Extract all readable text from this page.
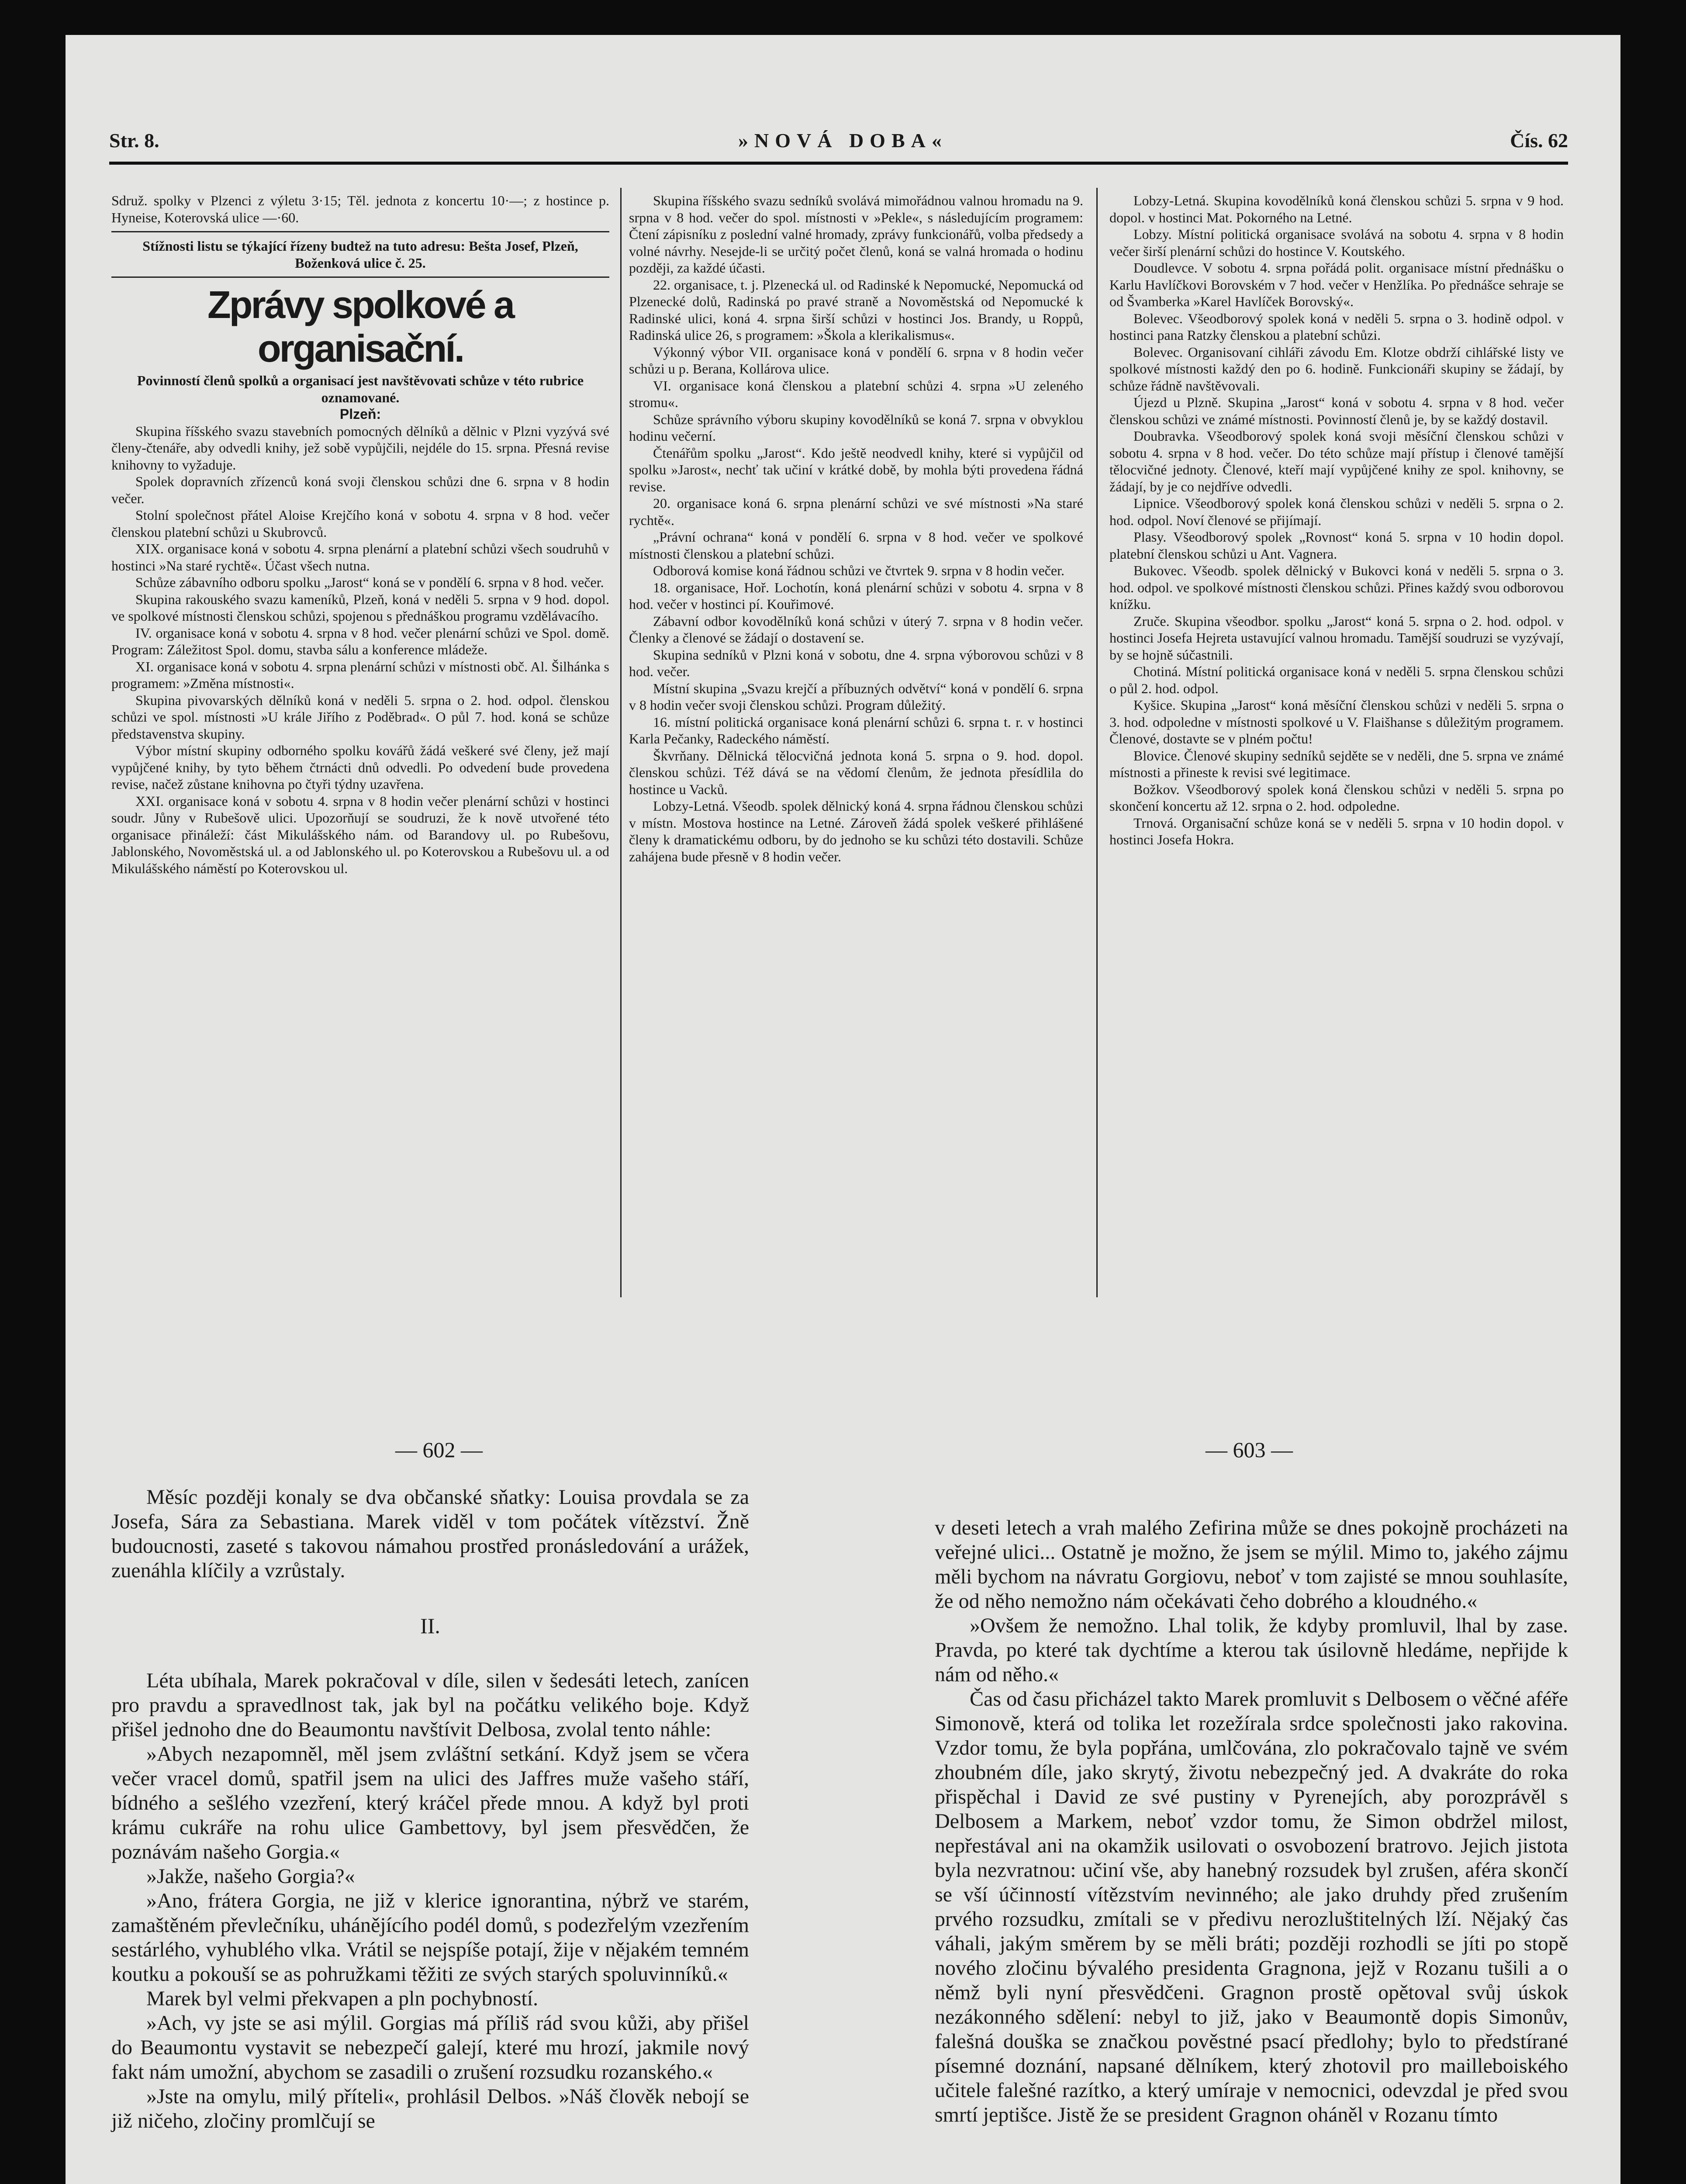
Str. 8.	»NOVÁ DOBA«	Čís. 62

Sdruž. spolky v Plzenci z výletu 3·15; Těl. jednota z koncertu 10·—; z hostince p. Hyneise, Koterovská ulice —·60.

Stížnosti listu se týkající řízeny budtež na tuto adresu: Bešta Josef, Plzeň, Boženková ulice č. 25.

Zprávy spolkové a organisační.

Povinností členů spolků a organisací jest navštěvovati schůze v této rubrice oznamované.

Plzeň:

Skupina říšského svazu stavebních pomocných dělníků a dělnic v Plzni vyzývá své členy-čtenáře, aby odvedli knihy, jež sobě vypůjčili, nejdéle do 15. srpna. Přesná revise knihovny to vyžaduje.

Spolek dopravních zřízenců koná svoji členskou schůzi dne 6. srpna v 8 hodin večer.

Stolní společnost přátel Aloise Krejčího koná v sobotu 4. srpna v 8 hod. večer členskou platební schůzi u Skubrovců.

XIX. organisace koná v sobotu 4. srpna plenární a platební schůzi všech soudruhů v hostinci »Na staré rychtě«. Účast všech nutna.

Schůze zábavního odboru spolku „Jarost“ koná se v pondělí 6. srpna v 8 hod. večer.

Skupina rakouského svazu kameníků, Plzeň, koná v neděli 5. srpna v 9 hod. dopol. ve spolkové místnosti členskou schůzi, spojenou s přednáškou programu vzdělávacího.

IV. organisace koná v sobotu 4. srpna v 8 hod. večer plenární schůzi ve Spol. domě. Program: Záležitost Spol. domu, stavba sálu a konference mládeže.

XI. organisace koná v sobotu 4. srpna plenární schůzi v místnosti obč. Al. Šilhánka s programem: »Změna místnosti«.

Skupina pivovarských dělníků koná v neděli 5. srpna o 2. hod. odpol. členskou schůzi ve spol. místnosti »U krále Jiřího z Poděbrad«. O půl 7. hod. koná se schůze představenstva skupiny.

Výbor místní skupiny odborného spolku kovářů žádá veškeré své členy, jež mají vypůjčené knihy, by tyto během čtrnácti dnů odvedli. Po odvedení bude provedena revise, načež zůstane knihovna po čtyři týdny uzavřena.

XXI. organisace koná v sobotu 4. srpna v 8 hodin večer plenární schůzi v hostinci soudr. Jůny v Rubešově ulici. Upozorňují se soudruzi, že k nově utvořené této organisace přináleží: část Mikulášského nám. od Barandovy ul. po Rubešovu, Jablonského, Novoměstská ul. a od Jablonského ul. po Koterovskou a Rubešovu ul. a od Mikulášského náměstí po Koterovskou ul.

Skupina říšského svazu sedníků svolává mimořádnou valnou hromadu na 9. srpna v 8 hod. večer do spol. místnosti v »Pekle«, s následujícím programem: Čtení zápisníku z poslední valné hromady, zprávy funkcionářů, volba předsedy a volné návrhy. Nesejde-li se určitý počet členů, koná se valná hromada o hodinu později, za každé účasti.

22. organisace, t. j. Plzenecká ul. od Radinské k Nepomucké, Nepomucká od Plzenecké dolů, Radinská po pravé straně a Novoměstská od Nepomucké k Radinské ulici, koná 4. srpna širší schůzi v hostinci Jos. Brandy, u Roppů, Radinská ulice 26, s programem: »Škola a klerikalismus«.

Výkonný výbor VII. organisace koná v pondělí 6. srpna v 8 hodin večer schůzi u p. Berana, Kollárova ulice.

VI. organisace koná členskou a platební schůzi 4. srpna »U zeleného stromu«.

Schůze správního výboru skupiny kovodělníků se koná 7. srpna v obvyklou hodinu večerní.

Čtenářům spolku „Jarost“. Kdo ještě neodvedl knihy, které si vypůjčil od spolku »Jarost«, nechť tak učiní v krátké době, by mohla býti provedena řádná revise.

20. organisace koná 6. srpna plenární schůzi ve své místnosti »Na staré rychtě«.

„Právní ochrana“ koná v pondělí 6. srpna v 8 hod. večer ve spolkové místnosti členskou a platební schůzi.

Odborová komise koná řádnou schůzi ve čtvrtek 9. srpna v 8 hodin večer.

18. organisace, Hoř. Lochotín, koná plenární schůzi v sobotu 4. srpna v 8 hod. večer v hostinci pí. Kouřimové.

Zábavní odbor kovodělníků koná schůzi v úterý 7. srpna v 8 hodin večer. Členky a členové se žádají o dostavení se.

Skupina sedníků v Plzni koná v sobotu, dne 4. srpna výborovou schůzi v 8 hod. večer.

Místní skupina „Svazu krejčí a příbuzných odvětví“ koná v pondělí 6. srpna v 8 hodin večer svoji členskou schůzi. Program důležitý.

16. místní politická organisace koná plenární schůzi 6. srpna t. r. v hostinci Karla Pečanky, Radeckého náměstí.

Škvrňany. Dělnická tělocvičná jednota koná 5. srpna o 9. hod. dopol. členskou schůzi. Též dává se na vědomí členům, že jednota přesídlila do hostince u Vacků.

Lobzy-Letná. Všeodb. spolek dělnický koná 4. srpna řádnou členskou schůzi v místn. Mostova hostince na Letné. Zároveň žádá spolek veškeré přihlášené členy k dramatickému odboru, by do jednoho se ku schůzi této dostavili. Schůze zahájena bude přesně v 8 hodin večer.

Lobzy-Letná. Skupina kovodělníků koná členskou schůzi 5. srpna v 9 hod. dopol. v hostinci Mat. Pokorného na Letné.

Lobzy. Místní politická organisace svolává na sobotu 4. srpna v 8 hodin večer širší plenární schůzi do hostince V. Koutského.

Doudlevce. V sobotu 4. srpna pořádá polit. organisace místní přednášku o Karlu Havlíčkovi Borovském v 7 hod. večer v Henžlíka. Po přednášce sehraje se od Švamberka »Karel Havlíček Borovský«.

Bolevec. Všeodborový spolek koná v neděli 5. srpna o 3. hodině odpol. v hostinci pana Ratzky členskou a platební schůzi.

Bolevec. Organisovaní cihláři závodu Em. Klotze obdrží cihlářské listy ve spolkové místnosti každý den po 6. hodině. Funkcionáři skupiny se žádají, by schůze řádně navštěvovali.

Újezd u Plzně. Skupina „Jarost“ koná v sobotu 4. srpna v 8 hod. večer členskou schůzi ve známé místnosti. Povinností členů je, by se každý dostavil.

Doubravka. Všeodborový spolek koná svoji měsíční členskou schůzi v sobotu 4. srpna v 8 hod. večer. Do této schůze mají přístup i členové tamější tělocvičné jednoty. Členové, kteří mají vypůjčené knihy ze spol. knihovny, se žádají, by je co nejdříve odvedli.

Lipnice. Všeodborový spolek koná členskou schůzi v neděli 5. srpna o 2. hod. odpol. Noví členové se přijímají.

Plasy. Všeodborový spolek „Rovnost“ koná 5. srpna v 10 hodin dopol. platební členskou schůzi u Ant. Vagnera.

Bukovec. Všeodb. spolek dělnický v Bukovci koná v neděli 5. srpna o 3. hod. odpol. ve spolkové místnosti členskou schůzi. Přines každý svou odborovou knížku.

Zruče. Skupina všeodbor. spolku „Jarost“ koná 5. srpna o 2. hod. odpol. v hostinci Josefa Hejreta ustavující valnou hromadu. Tamější soudruzi se vyzývají, by se hojně súčastnili.

Chotiná. Místní politická organisace koná v neděli 5. srpna členskou schůzi o půl 2. hod. odpol.

Kyšice. Skupina „Jarost“ koná měsíční členskou schůzi v neděli 5. srpna o 3. hod. odpoledne v místnosti spolkové u V. Flaišhanse s důležitým programem. Členové, dostavte se v plném počtu!

Blovice. Členové skupiny sedníků sejděte se v neděli, dne 5. srpna ve známé místnosti a přineste k revisi své legitimace.

Božkov. Všeodborový spolek koná členskou schůzi v neděli 5. srpna po skončení koncertu až 12. srpna o 2. hod. odpoledne.

Trnová. Organisační schůze koná se v neděli 5. srpna v 10 hodin dopol. v hostinci Josefa Hokra.

— 602 —	— 603 —

Měsíc později konaly se dva občanské sňatky: Louisa provdala se za Josefa, Sára za Sebastiana. Marek viděl v tom počátek vítězství. Žně budoucnosti, zaseté s takovou námahou prostřed pronásledování a urážek, zuenáhla klíčily a vzrůstaly.

II.

Léta ubíhala, Marek pokračoval v díle, silen v šedesáti letech, zanícen pro pravdu a spravedlnost tak, jak byl na počátku velikého boje. Když přišel jednoho dne do Beaumontu navštívit Delbosa, zvolal tento náhle:

»Abych nezapomněl, měl jsem zvláštní setkání. Když jsem se včera večer vracel domů, spatřil jsem na ulici des Jaffres muže vašeho stáří, bídného a sešlého vzezření, který kráčel přede mnou. A když byl proti krámu cukráře na rohu ulice Gambettovy, byl jsem přesvědčen, že poznávám našeho Gorgia.«

»Jakže, našeho Gorgia?«

»Ano, frátera Gorgia, ne již v klerice ignorantina, nýbrž ve starém, zamaštěném převlečníku, uhánějícího podél domů, s podezřelým vzezřením sestárlého, vyhublého vlka. Vrátil se nejspíše potají, žije v nějakém temném koutku a pokouší se as pohružkami těžiti ze svých starých spoluvinníků.«

Marek byl velmi překvapen a pln pochybností.

»Ach, vy jste se asi mýlil. Gorgias má příliš rád svou kůži, aby přišel do Beaumontu vystavit se nebezpečí galejí, které mu hrozí, jakmile nový fakt nám umožní, abychom se zasadili o zrušení rozsudku rozanského.«

»Jste na omylu, milý příteli«, prohlásil Delbos. »Náš člověk nebojí se již ničeho, zločiny promlčují se

v deseti letech a vrah malého Zefirina může se dnes pokojně procházeti na veřejné ulici... Ostatně je možno, že jsem se mýlil. Mimo to, jakého zájmu měli bychom na návratu Gorgiovu, neboť v tom zajisté se mnou souhlasíte, že od něho nemožno nám očekávati čeho dobrého a kloudného.«

»Ovšem že nemožno. Lhal tolik, že kdyby promluvil, lhal by zase. Pravda, po které tak dychtíme a kterou tak úsilovně hledáme, nepřijde k nám od něho.«

Čas od času přicházel takto Marek promluvit s Delbosem o věčné aféře Simonově, která od tolika let rozežírala srdce společnosti jako rakovina. Vzdor tomu, že byla popřána, umlčována, zlo pokračovalo tajně ve svém zhoubném díle, jako skrytý, životu nebezpečný jed. A dvakráte do roka přispěchal i David ze své pustiny v Pyrenejích, aby porozprávěl s Delbosem a Markem, neboť vzdor tomu, že Simon obdržel milost, nepřestával ani na okamžik usilovati o osvobození bratrovo. Jejich jistota byla nezvratnou: učiní vše, aby hanebný rozsudek byl zrušen, aféra skončí se vší účinností vítězstvím nevinného; ale jako druhdy před zrušením prvého rozsudku, zmítali se v předivu nerozluštitelných lží. Nějaký čas váhali, jakým směrem by se měli bráti; později rozhodli se jíti po stopě nového zločinu bývalého presidenta Gragnona, jejž v Rozanu tušili a o němž byli nyní přesvědčeni. Gragnon prostě opětoval svůj úskok nezákonného sdělení: nebyl to již, jako v Beaumontě dopis Simonův, falešná douška se značkou pověstné psací předlohy; bylo to předstírané písemné doznání, napsané dělníkem, který zhotovil pro maillebοiského učitele falešné razítko, a který umíraje v nemocnici, odevzdal je před svou smrtí jeptišce. Jistě že se president Gragnon oháněl v Rozanu tímto
